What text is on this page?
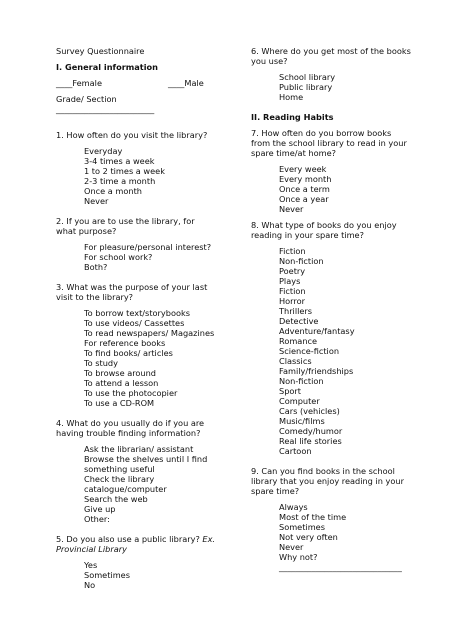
Survey Questionnaire

I. General information

____Female	____Male

Grade/ Section

________________________

1. How often do you visit the library?

Everyday

3-4 times a week

1 to 2 times a week

2-3 time a month

Once a month

Never

2. If you are to use the library, for

what purpose?

For pleasure/personal interest?

For school work?

Both?

3. What was the purpose of your last

visit to the library?

To borrow text/storybooks

To use videos/ Cassettes

To read newspapers/ Magazines

For reference books

To find books/ articles

To study

To browse around

To attend a lesson

To use the photocopier

To use a CD-ROM

4. What do you usually do if you are

having trouble finding information?

Ask the librarian/ assistant

Browse the shelves until I find

something useful

Check the library

catalogue/computer

Search the web

Give up

Other:

5. Do you also use a public library? Ex.

Provincial Library

Yes

Sometimes

No

6. Where do you get most of the books

you use?

School library

Public library

Home

II. Reading Habits

7. How often do you borrow books

from the school library to read in your

spare time/at home?

Every week

Every month

Once a term

Once a year

Never

8. What type of books do you enjoy

reading in your spare time?

Fiction

Non-fiction

Poetry

Plays

Fiction

Horror

Thrillers

Detective

Adventure/fantasy

Romance

Science-fiction

Classics

Family/friendships

Non-fiction

Sport

Computer

Cars (vehicles)

Music/films

Comedy/humor

Real life stories

Cartoon

9. Can you find books in the school

library that you enjoy reading in your

spare time?

Always

Most of the time

Sometimes

Not very often

Never

Why not?

______________________________
